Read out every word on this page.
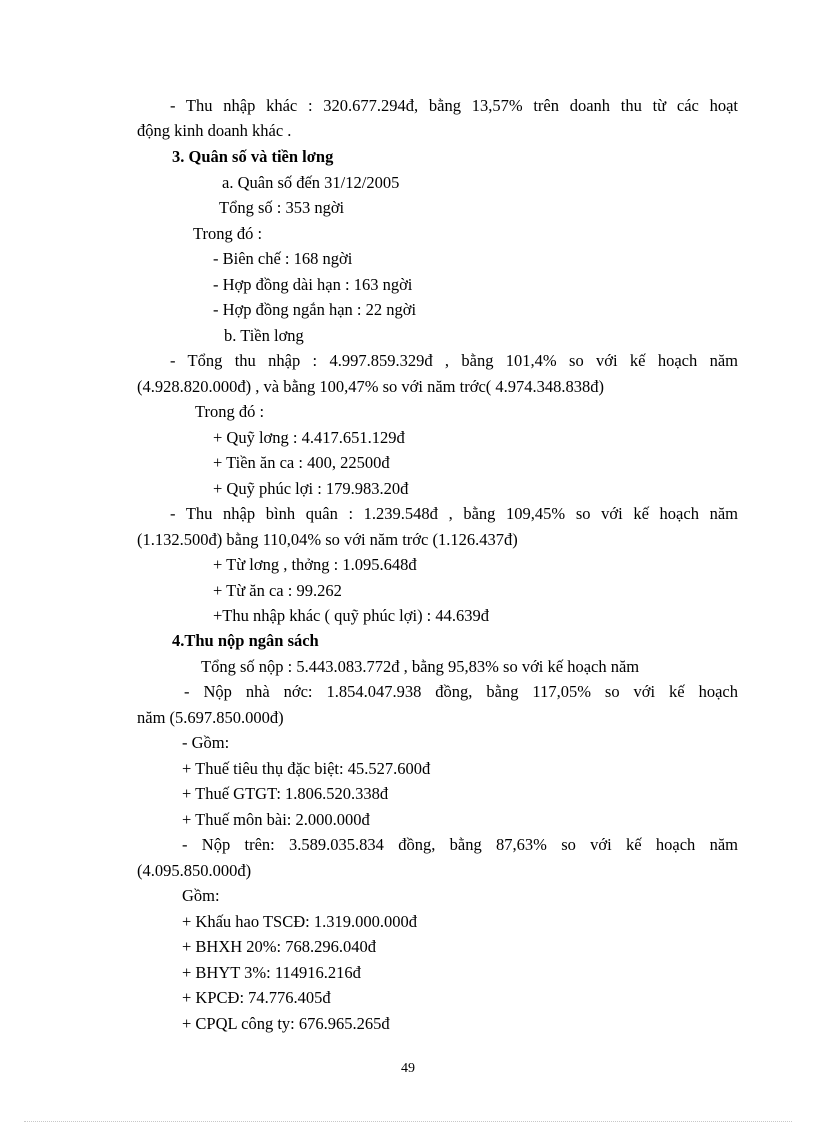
- Thu nhập khác : 320.677.294đ, bằng 13,57% trên doanh thu từ các hoạt
động kinh doanh khác .
3. Quân số và tiền lơng
a. Quân số đến 31/12/2005
Tổng số : 353 ngời
Trong đó :
- Biên chế : 168 ngời
- Hợp đồng dài hạn : 163 ngời
- Hợp đồng ngắn hạn : 22 ngời
b. Tiền lơng
- Tổng thu nhập : 4.997.859.329đ , bằng 101,4% so với kế hoạch năm
(4.928.820.000đ) , và bằng 100,47% so với năm trớc( 4.974.348.838đ)
Trong đó :
+ Quỹ lơng : 4.417.651.129đ
+ Tiền ăn ca : 400, 22500đ
+ Quỹ phúc lợi : 179.983.20đ
- Thu nhập bình quân : 1.239.548đ , bằng 109,45% so với kế hoạch năm
(1.132.500đ) bằng 110,04% so với năm trớc (1.126.437đ)
+ Từ lơng , thởng : 1.095.648đ
+ Từ ăn ca : 99.262
+Thu nhập khác ( quỹ phúc lợi) : 44.639đ
4.Thu nộp ngân sách
Tổng số nộp : 5.443.083.772đ , bằng 95,83% so với kế hoạch năm
- Nộp nhà nớc: 1.854.047.938 đồng, bằng 117,05% so với kế hoạch
năm (5.697.850.000đ)
- Gồm:
+ Thuế tiêu thụ đặc biệt: 45.527.600đ
+ Thuế GTGT: 1.806.520.338đ
+ Thuế môn bài: 2.000.000đ
- Nộp trên: 3.589.035.834 đồng, bằng 87,63% so với kế hoạch năm
(4.095.850.000đ)
Gồm:
+ Khấu hao TSCĐ: 1.319.000.000đ
+ BHXH 20%: 768.296.040đ
+ BHYT 3%: 114916.216đ
+ KPCĐ: 74.776.405đ
+ CPQL công ty: 676.965.265đ
49
